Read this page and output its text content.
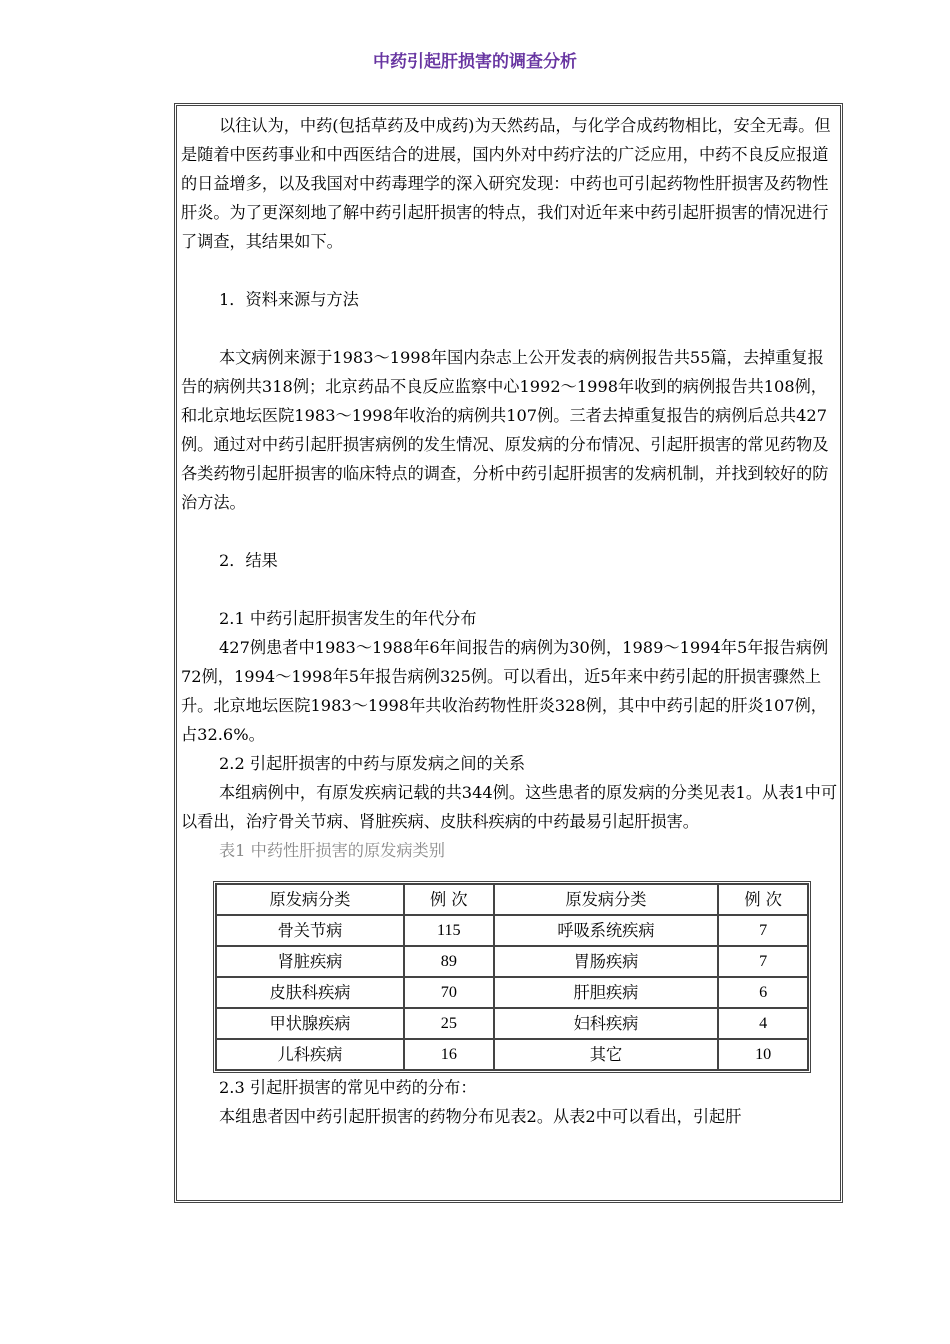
中药引起肝损害的调查分析

以往认为，中药(包括草药及中成药)为天然药品，与化学合成药物相比，安全无毒。但是随着中医药事业和中西医结合的进展，国内外对中药疗法的广泛应用，中药不良反应报道的日益增多，以及我国对中药毒理学的深入研究发现：中药也可引起药物性肝损害及药物性肝炎。为了更深刻地了解中药引起肝损害的特点，我们对近年来中药引起肝损害的情况进行了调查，其结果如下。

1．资料来源与方法

本文病例来源于1983～1998年国内杂志上公开发表的病例报告共55篇，去掉重复报告的病例共318例；北京药品不良反应监察中心1992～1998年收到的病例报告共108例，和北京地坛医院1983～1998年收治的病例共107例。三者去掉重复报告的病例后总共427例。通过对中药引起肝损害病例的发生情况、原发病的分布情况、引起肝损害的常见药物及各类药物引起肝损害的临床特点的调查，分析中药引起肝损害的发病机制，并找到较好的防治方法。

2．结果

2.1 中药引起肝损害发生的年代分布

427例患者中1983～1988年6年间报告的病例为30例，1989～1994年5年报告病例72例，1994～1998年5年报告病例325例。可以看出，近5年来中药引起的肝损害骤然上升。北京地坛医院1983～1998年共收治药物性肝炎328例，其中中药引起的肝炎107例，占32.6%。

2.2 引起肝损害的中药与原发病之间的关系

本组病例中，有原发疾病记载的共344例。这些患者的原发病的分类见表1。从表1中可以看出，治疗骨关节病、肾脏疾病、皮肤科疾病的中药最易引起肝损害。

表1 中药性肝损害的原发病类别

原发病分类	例 次	原发病分类	例 次
骨关节病	115	呼吸系统疾病	7
肾脏疾病	89	胃肠疾病	7
皮肤科疾病	70	肝胆疾病	6
甲状腺疾病	25	妇科疾病	4
儿科疾病	16	其它	10

2.3 引起肝损害的常见中药的分布：

本组患者因中药引起肝损害的药物分布见表2。从表2中可以看出，引起肝
